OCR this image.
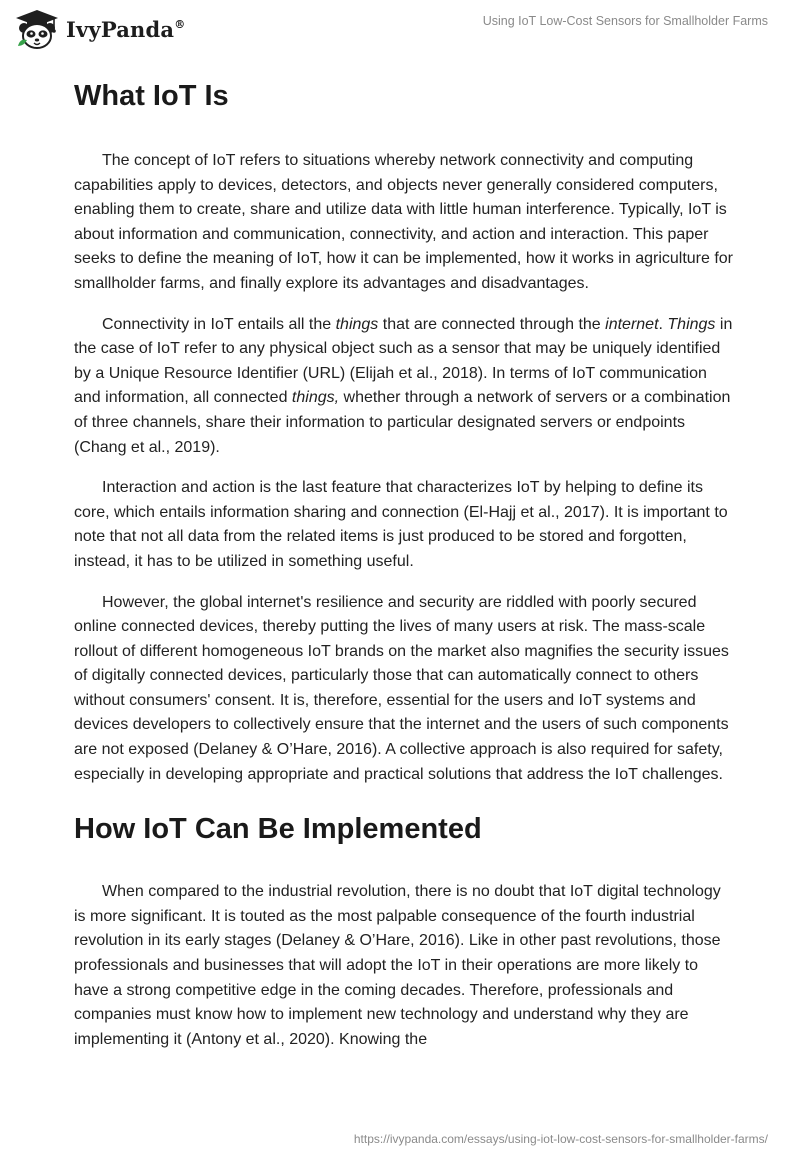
IvyPanda®	Using IoT Low-Cost Sensors for Smallholder Farms
What IoT Is

The concept of IoT refers to situations whereby network connectivity and computing capabilities apply to devices, detectors, and objects never generally considered computers, enabling them to create, share and utilize data with little human interference. Typically, IoT is about information and communication, connectivity, and action and interaction. This paper seeks to define the meaning of IoT, how it can be implemented, how it works in agriculture for smallholder farms, and finally explore its advantages and disadvantages.

Connectivity in IoT entails all the things that are connected through the internet. Things in the case of IoT refer to any physical object such as a sensor that may be uniquely identified by a Unique Resource Identifier (URL) (Elijah et al., 2018). In terms of IoT communication and information, all connected things, whether through a network of servers or a combination of three channels, share their information to particular designated servers or endpoints (Chang et al., 2019).

Interaction and action is the last feature that characterizes IoT by helping to define its core, which entails information sharing and connection (El-Hajj et al., 2017). It is important to note that not all data from the related items is just produced to be stored and forgotten, instead, it has to be utilized in something useful.

However, the global internet's resilience and security are riddled with poorly secured online connected devices, thereby putting the lives of many users at risk. The mass-scale rollout of different homogeneous IoT brands on the market also magnifies the security issues of digitally connected devices, particularly those that can automatically connect to others without consumers' consent. It is, therefore, essential for the users and IoT systems and devices developers to collectively ensure that the internet and the users of such components are not exposed (Delaney & O’Hare, 2016). A collective approach is also required for safety, especially in developing appropriate and practical solutions that address the IoT challenges.

How IoT Can Be Implemented

When compared to the industrial revolution, there is no doubt that IoT digital technology is more significant. It is touted as the most palpable consequence of the fourth industrial revolution in its early stages (Delaney & O’Hare, 2016). Like in other past revolutions, those professionals and businesses that will adopt the IoT in their operations are more likely to have a strong competitive edge in the coming decades. Therefore, professionals and companies must know how to implement new technology and understand why they are implementing it (Antony et al., 2020). Knowing the

https://ivypanda.com/essays/using-iot-low-cost-sensors-for-smallholder-farms/
